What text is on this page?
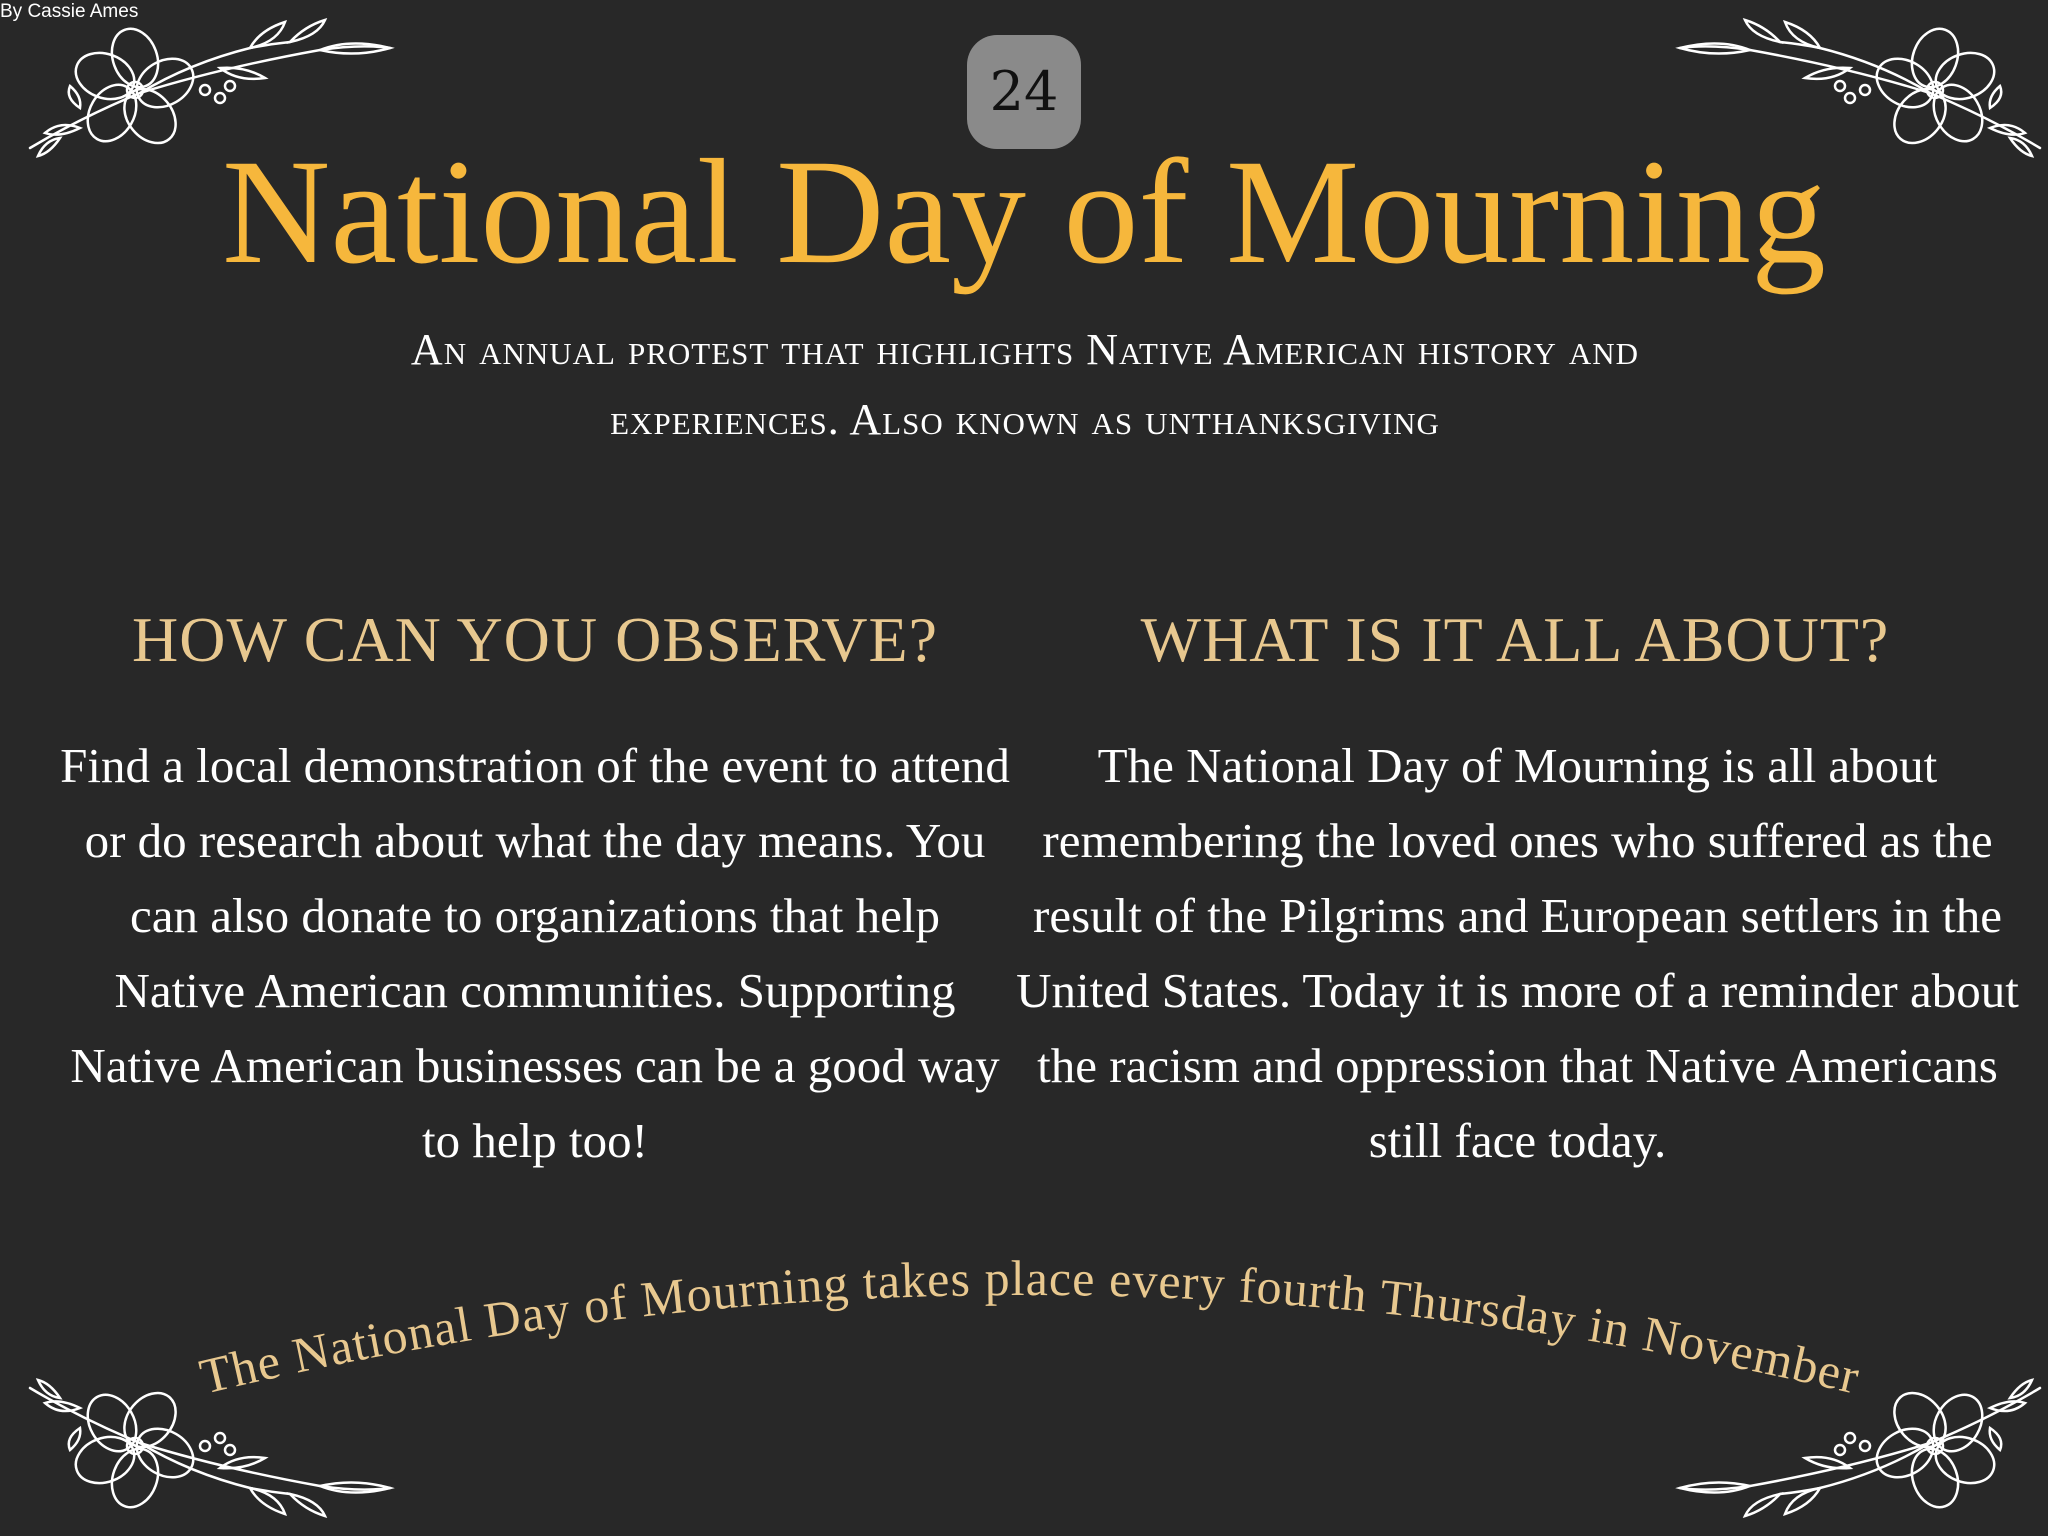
By Cassie Ames
24
National Day of Mourning
An annual protest that highlights Native American history and experiences. Also known as unthanksgiving
HOW CAN YOU OBSERVE?
Find a local demonstration of the event to attend or do research about what the day means. You can also donate to organizations that help Native American communities. Supporting Native American businesses can be a good way to help too!
WHAT IS IT ALL ABOUT?
The National Day of Mourning is all about remembering the loved ones who suffered as the result of the Pilgrims and European settlers in the United States. Today it is more of a reminder about the racism and oppression that Native Americans still face today.
The National Day of Mourning takes place every fourth Thursday in November
